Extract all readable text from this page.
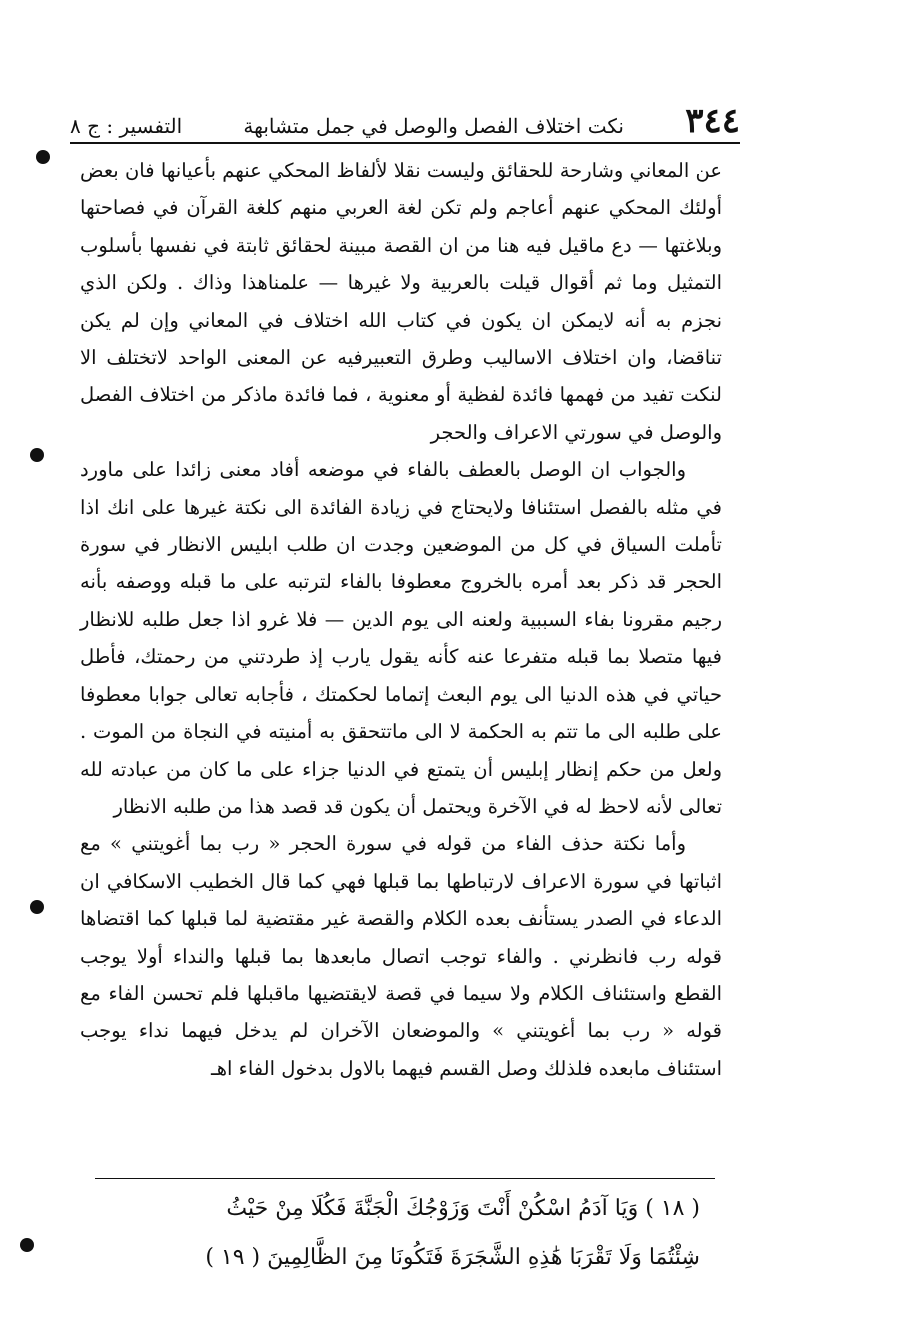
٣٤٤
نكت اختلاف الفصل والوصل في جمل متشابهة
التفسير : ج ٨

عن المعاني وشارحة للحقائق وليست نقلا لألفاظ المحكي عنهم بأعيانها فان بعض أولئك المحكي عنهم أعاجم ولم تكن لغة العربي منهم كلغة القرآن في فصاحتها وبلاغتها — دع ماقيل فيه هنا من ان القصة مبينة لحقائق ثابتة في نفسها بأسلوب التمثيل وما ثم أقوال قيلت بالعربية ولا غيرها — علمناهذا وذاك . ولكن الذي نجزم به أنه لايمكن ان يكون في كتاب الله اختلاف في المعاني وإن لم يكن تناقضا، وان اختلاف الاساليب وطرق التعبيرفيه عن المعنى الواحد لاتختلف الا لنكت تفيد من فهمها فائدة لفظية أو معنوية ، فما فائدة ماذكر من اختلاف الفصل والوصل في سورتي الاعراف والحجر

والجواب ان الوصل بالعطف بالفاء في موضعه أفاد معنى زائدا على ماورد في مثله بالفصل استئنافا ولايحتاج في زيادة الفائدة الى نكتة غيرها على انك اذا تأملت السياق في كل من الموضعين وجدت ان طلب ابليس الانظار في سورة الحجر قد ذكر بعد أمره بالخروج معطوفا بالفاء لترتبه على ما قبله ووصفه بأنه رجيم مقرونا بفاء السببية ولعنه الى يوم الدين — فلا غرو اذا جعل طلبه للانظار فيها متصلا بما قبله متفرعا عنه كأنه يقول يارب إذ طردتني من رحمتك، فأطل حياتي في هذه الدنيا الى يوم البعث إتماما لحكمتك ، فأجابه تعالى جوابا معطوفا على طلبه الى ما تتم به الحكمة لا الى ماتتحقق به أمنيته في النجاة من الموت . ولعل من حكم إنظار إبليس أن يتمتع في الدنيا جزاء على ما كان من عبادته لله تعالى لأنه لاحظ له في الآخرة ويحتمل أن يكون قد قصد هذا من طلبه الانظار

وأما نكتة حذف الفاء من قوله في سورة الحجر « رب بما أغويتني » مع اثباتها في سورة الاعراف لارتباطها بما قبلها فهي كما قال الخطيب الاسكافي ان الدعاء في الصدر يستأنف بعده الكلام والقصة غير مقتضية لما قبلها كما اقتضاها قوله رب فانظرني . والفاء توجب اتصال مابعدها بما قبلها والنداء أولا يوجب القطع واستئناف الكلام ولا سيما في قصة لايقتضيها ماقبلها فلم تحسن الفاء مع قوله « رب بما أغويتني » والموضعان الآخران لم يدخل فيهما نداء يوجب استئناف مابعده فلذلك وصل القسم فيهما بالاول بدخول الفاء اهـ

( ١٨ ) وَيَا آدَمُ اسْكُنْ أَنْتَ وَزَوْجُكَ الْجَنَّةَ فَكُلَا مِنْ حَيْثُ
شِئْتُمَا وَلَا تَقْرَبَا هَٰذِهِ الشَّجَرَةَ فَتَكُونَا مِنَ الظَّالِمِينَ ( ١٩ )
